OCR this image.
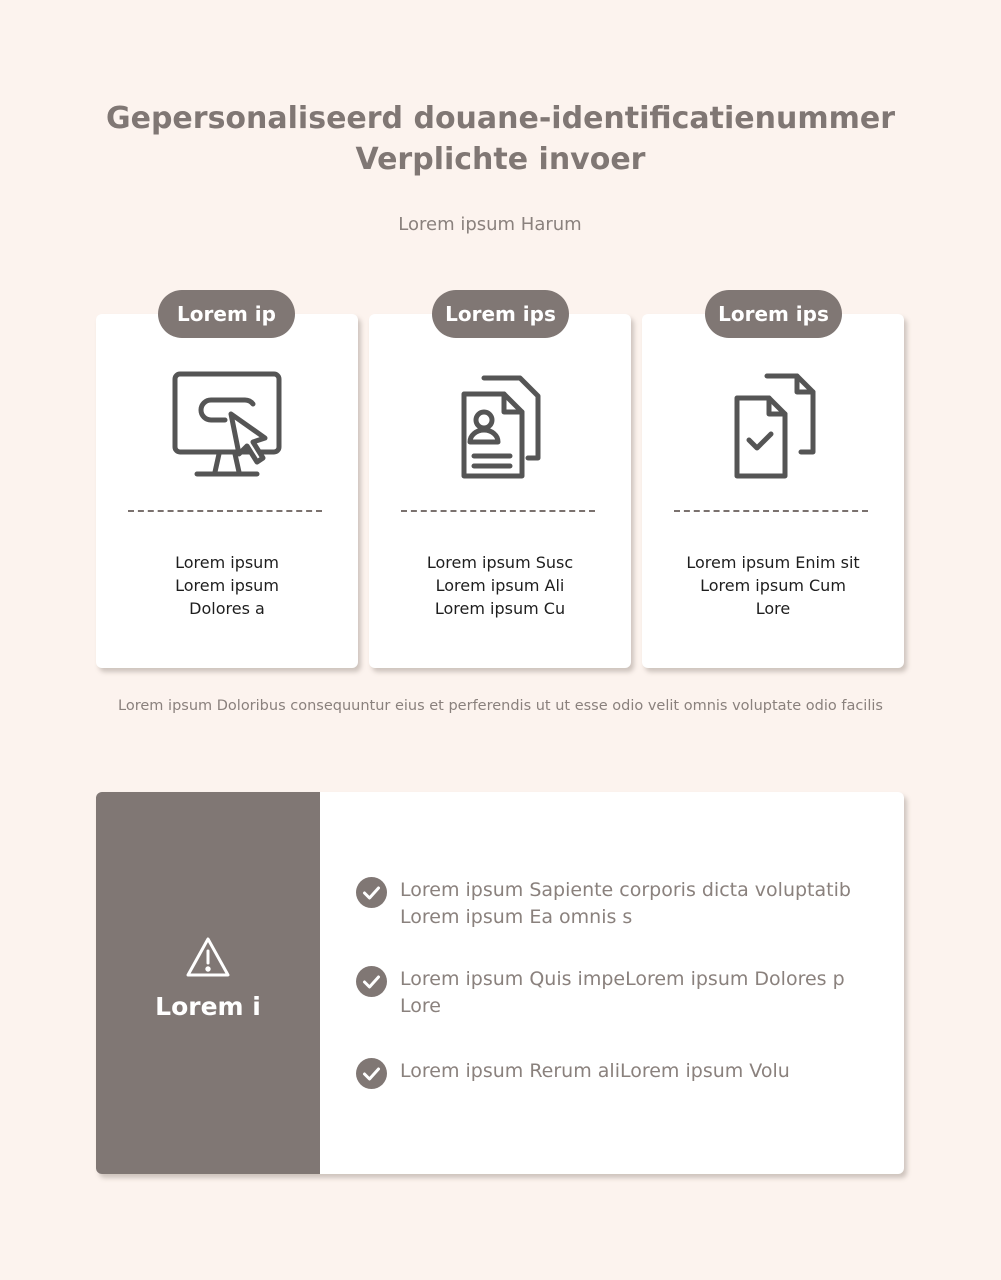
Gepersonaliseerd douane-identificatienummer
Verplichte invoer
Lorem ipsum Harum
Lorem ipsum
Lorem ipsum
Dolores a
Lorem ip
Lorem ipsum Susc
Lorem ipsum Ali
Lorem ipsum Cu
Lorem ips
Lorem ipsum Enim sit
Lorem ipsum Cum
Lore
Lorem ips
Lorem ipsum Doloribus consequuntur eius et perferendis ut ut esse odio velit omnis voluptate odio facilis
Lorem i
Lorem ipsum Sapiente corporis dicta voluptatib
Lorem ipsum Ea omnis s
Lorem ipsum Quis impeLorem ipsum Dolores p
Lore
Lorem ipsum Rerum aliLorem ipsum Volu
